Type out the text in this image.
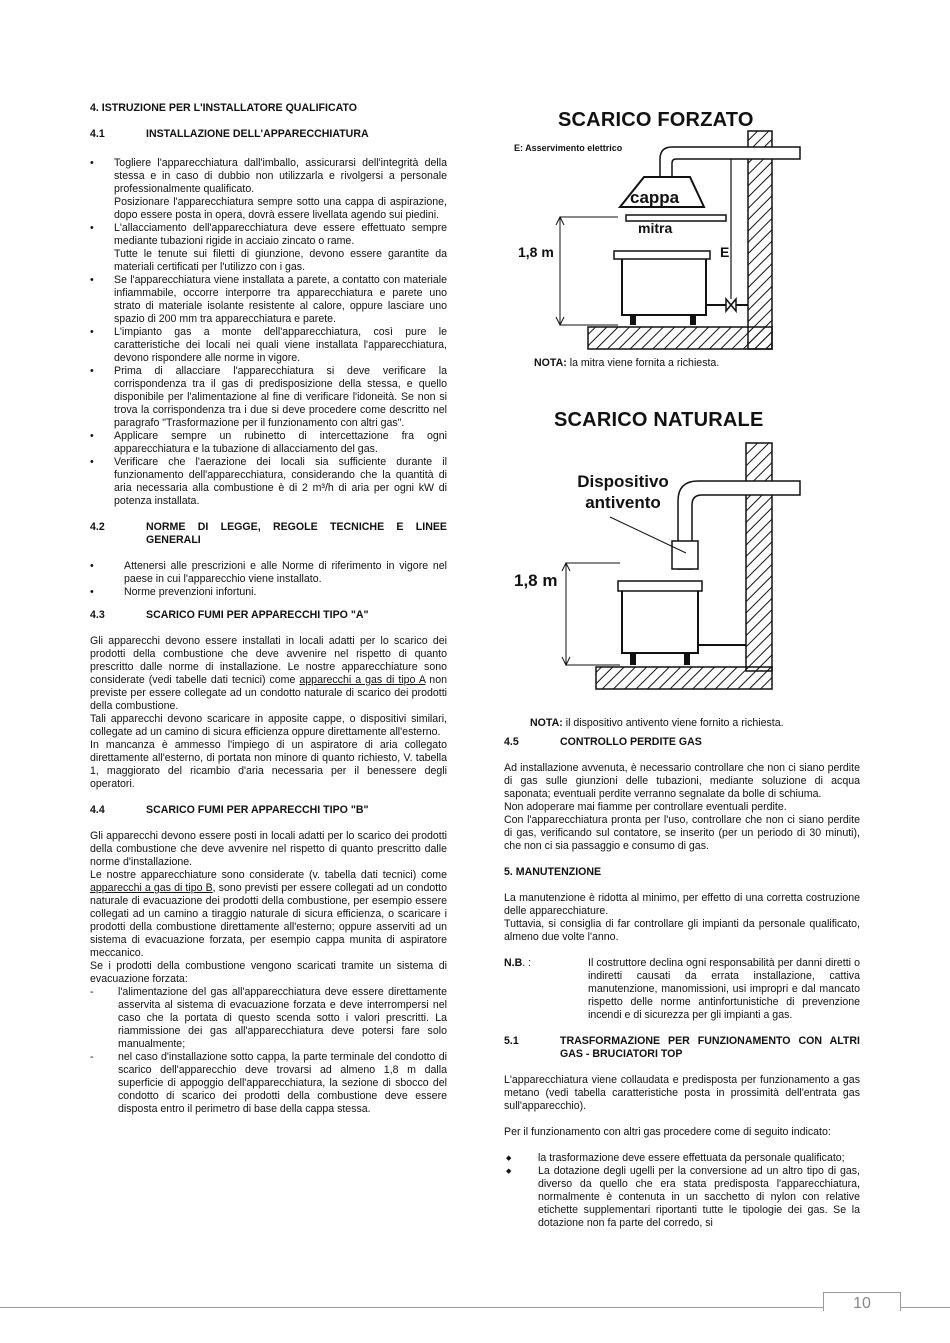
4. ISTRUZIONE PER L'INSTALLATORE QUALIFICATO

4.1	INSTALLAZIONE DELL'APPARECCHIATURA
• Togliere l'apparecchiatura dall'imballo, assicurarsi dell'integrità della stessa e in caso di dubbio non utilizzarla e rivolgersi a personale professionalmente qualificato.
Posizionare l'apparecchiatura sempre sotto una cappa di aspirazione, dopo essere posta in opera, dovrà essere livellata agendo sui piedini.
• L'allacciamento dell'apparecchiatura deve essere effettuato sempre mediante tubazioni rigide in acciaio zincato o rame.
Tutte le tenute sui filetti di giunzione, devono essere garantite da materiali certificati per l'utilizzo con i gas.
• Se l'apparecchiatura viene installata a parete, a contatto con materiale infiammabile, occorre interporre tra apparecchiatura e parete uno strato di materiale isolante resistente al calore, oppure lasciare uno spazio di 200 mm tra apparecchiatura e parete.
• L'impianto gas a monte dell'apparecchiatura, così pure le caratteristiche dei locali nei quali viene installata l'apparecchiatura, devono rispondere alle norme in vigore.
• Prima di allacciare l'apparecchiatura si deve verificare la corrispondenza tra il gas di predisposizione della stessa, e quello disponibile per l'alimentazione al fine di verificare l'idoneità. Se non si trova la corrispondenza tra i due si deve procedere come descritto nel paragrafo "Trasformazione per il funzionamento con altri gas".
• Applicare sempre un rubinetto di intercettazione fra ogni apparecchiatura e la tubazione di allacciamento del gas.
• Verificare che l'aerazione dei locali sia sufficiente durante il funzionamento dell'apparecchiatura, considerando che la quantità di aria necessaria alla combustione è di 2 m³/h di aria per ogni kW di potenza installata.
4.2	NORME DI LEGGE, REGOLE TECNICHE E LINEE GENERALI
• Attenersi alle prescrizioni e alle Norme di riferimento in vigore nel paese in cui l'apparecchio viene installato.
• Norme prevenzioni infortuni.
4.3	SCARICO FUMI PER APPARECCHI TIPO "A"

Gli apparecchi devono essere installati in locali adatti per lo scarico dei prodotti della combustione che deve avvenire nel rispetto di quanto prescritto dalle norme di installazione. Le nostre apparecchiature sono considerate (vedi tabelle dati tecnici) come apparecchi a gas di tipo A non previste per essere collegate ad un condotto naturale di scarico dei prodotti della combustione.

Tali apparecchi devono scaricare in apposite cappe, o dispositivi similari, collegate ad un camino di sicura efficienza oppure direttamente all'esterno.

In mancanza è ammesso l'impiego di un aspiratore di aria collegato direttamente all'esterno, di portata non minore di quanto richiesto, V. tabella 1, maggiorato del ricambio d'aria necessaria per il benessere degli operatori.

4.4	SCARICO FUMI PER APPARECCHI TIPO "B"

Gli apparecchi devono essere posti in locali adatti per lo scarico dei prodotti della combustione che deve avvenire nel rispetto di quanto prescritto dalle norme d'installazione.

Le nostre apparecchiature sono considerate (v. tabella dati tecnici) come apparecchi a gas di tipo B, sono previsti per essere collegati ad un condotto naturale di evacuazione dei prodotti della combustione, per esempio essere collegati ad un camino a tiraggio naturale di sicura efficienza, o scaricare i prodotti della combustione direttamente all'esterno; oppure asserviti ad un sistema di evacuazione forzata, per esempio cappa munita di aspiratore meccanico.

Se i prodotti della combustione vengono scaricati tramite un sistema di evacuazione forzata:

- l'alimentazione del gas all'apparecchiatura deve essere direttamente asservita al sistema di evacuazione forzata e deve interrompersi nel caso che la portata di questo scenda sotto i valori prescritti. La riammissione dei gas all'apparecchiatura deve potersi fare solo manualmente;
- nel caso d'installazione sotto cappa, la parte terminale del condotto di scarico dell'apparecchio deve trovarsi ad almeno 1,8 m dalla superficie di appoggio dell'apparecchiatura, la sezione di sbocco del condotto di scarico dei prodotti della combustione deve essere disposta entro il perimetro di base della cappa stessa.
SCARICO FORZATO
E: Asservimento elettrico
cappa
mitra
1,8 m	E
NOTA: la mitra viene fornita a richiesta.
SCARICO NATURALE
Dispositivo
antivento
1,8 m
NOTA: il dispositivo antivento viene fornito a richiesta.
4.5	CONTROLLO PERDITE GAS

Ad installazione avvenuta, è necessario controllare che non ci siano perdite di gas sulle giunzioni delle tubazioni, mediante soluzione di acqua saponata; eventuali perdite verranno segnalate da bolle di schiuma.

Non adoperare mai fiamme per controllare eventuali perdite.

Con l'apparecchiatura pronta per l'uso, controllare che non ci siano perdite di gas, verificando sul contatore, se inserito (per un periodo di 30 minuti), che non ci sia passaggio e consumo di gas.

5. MANUTENZIONE

La manutenzione è ridotta al minimo, per effetto di una corretta costruzione delle apparecchiature.

Tuttavia, si consiglia di far controllare gli impianti da personale qualificato, almeno due volte l'anno.

N.B. :	Il costruttore declina ogni responsabilità per danni diretti o indiretti causati da errata installazione, cattiva manutenzione, manomissioni, usi impropri e dal mancato rispetto delle norme antinfortunistiche di prevenzione incendi e di sicurezza per gli impianti a gas.
5.1	TRASFORMAZIONE PER FUNZIONAMENTO CON ALTRI GAS - BRUCIATORI TOP

L'apparecchiatura viene collaudata e predisposta per funzionamento a gas metano (vedi tabella caratteristiche posta in prossimità dell'entrata gas sull'apparecchio).

Per il funzionamento con altri gas procedere come di seguito indicato:

◆ la trasformazione deve essere effettuata da personale qualificato;
◆ La dotazione degli ugelli per la conversione ad un altro tipo di gas, diverso da quello che era stata predisposta l'apparecchiatura, normalmente è contenuta in un sacchetto di nylon con relative etichette supplementari riportanti tutte le tipologie dei gas. Se la dotazione non fa parte del corredo, si
10
